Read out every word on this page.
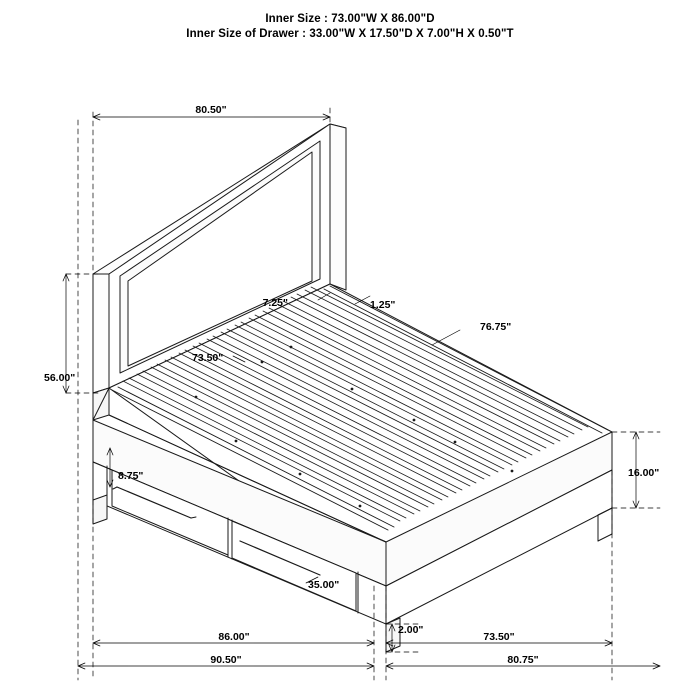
Inner Size : 73.00"W X 86.00"D
Inner Size of Drawer : 33.00"W X 17.50"D X 7.00"H X 0.50"T
80.50"
56.00"
7.25"	1.25"
73.50"
76.75"
8.75"	16.00"
35.00"
2.00"
86.00"
90.50"
73.50"
80.75"
